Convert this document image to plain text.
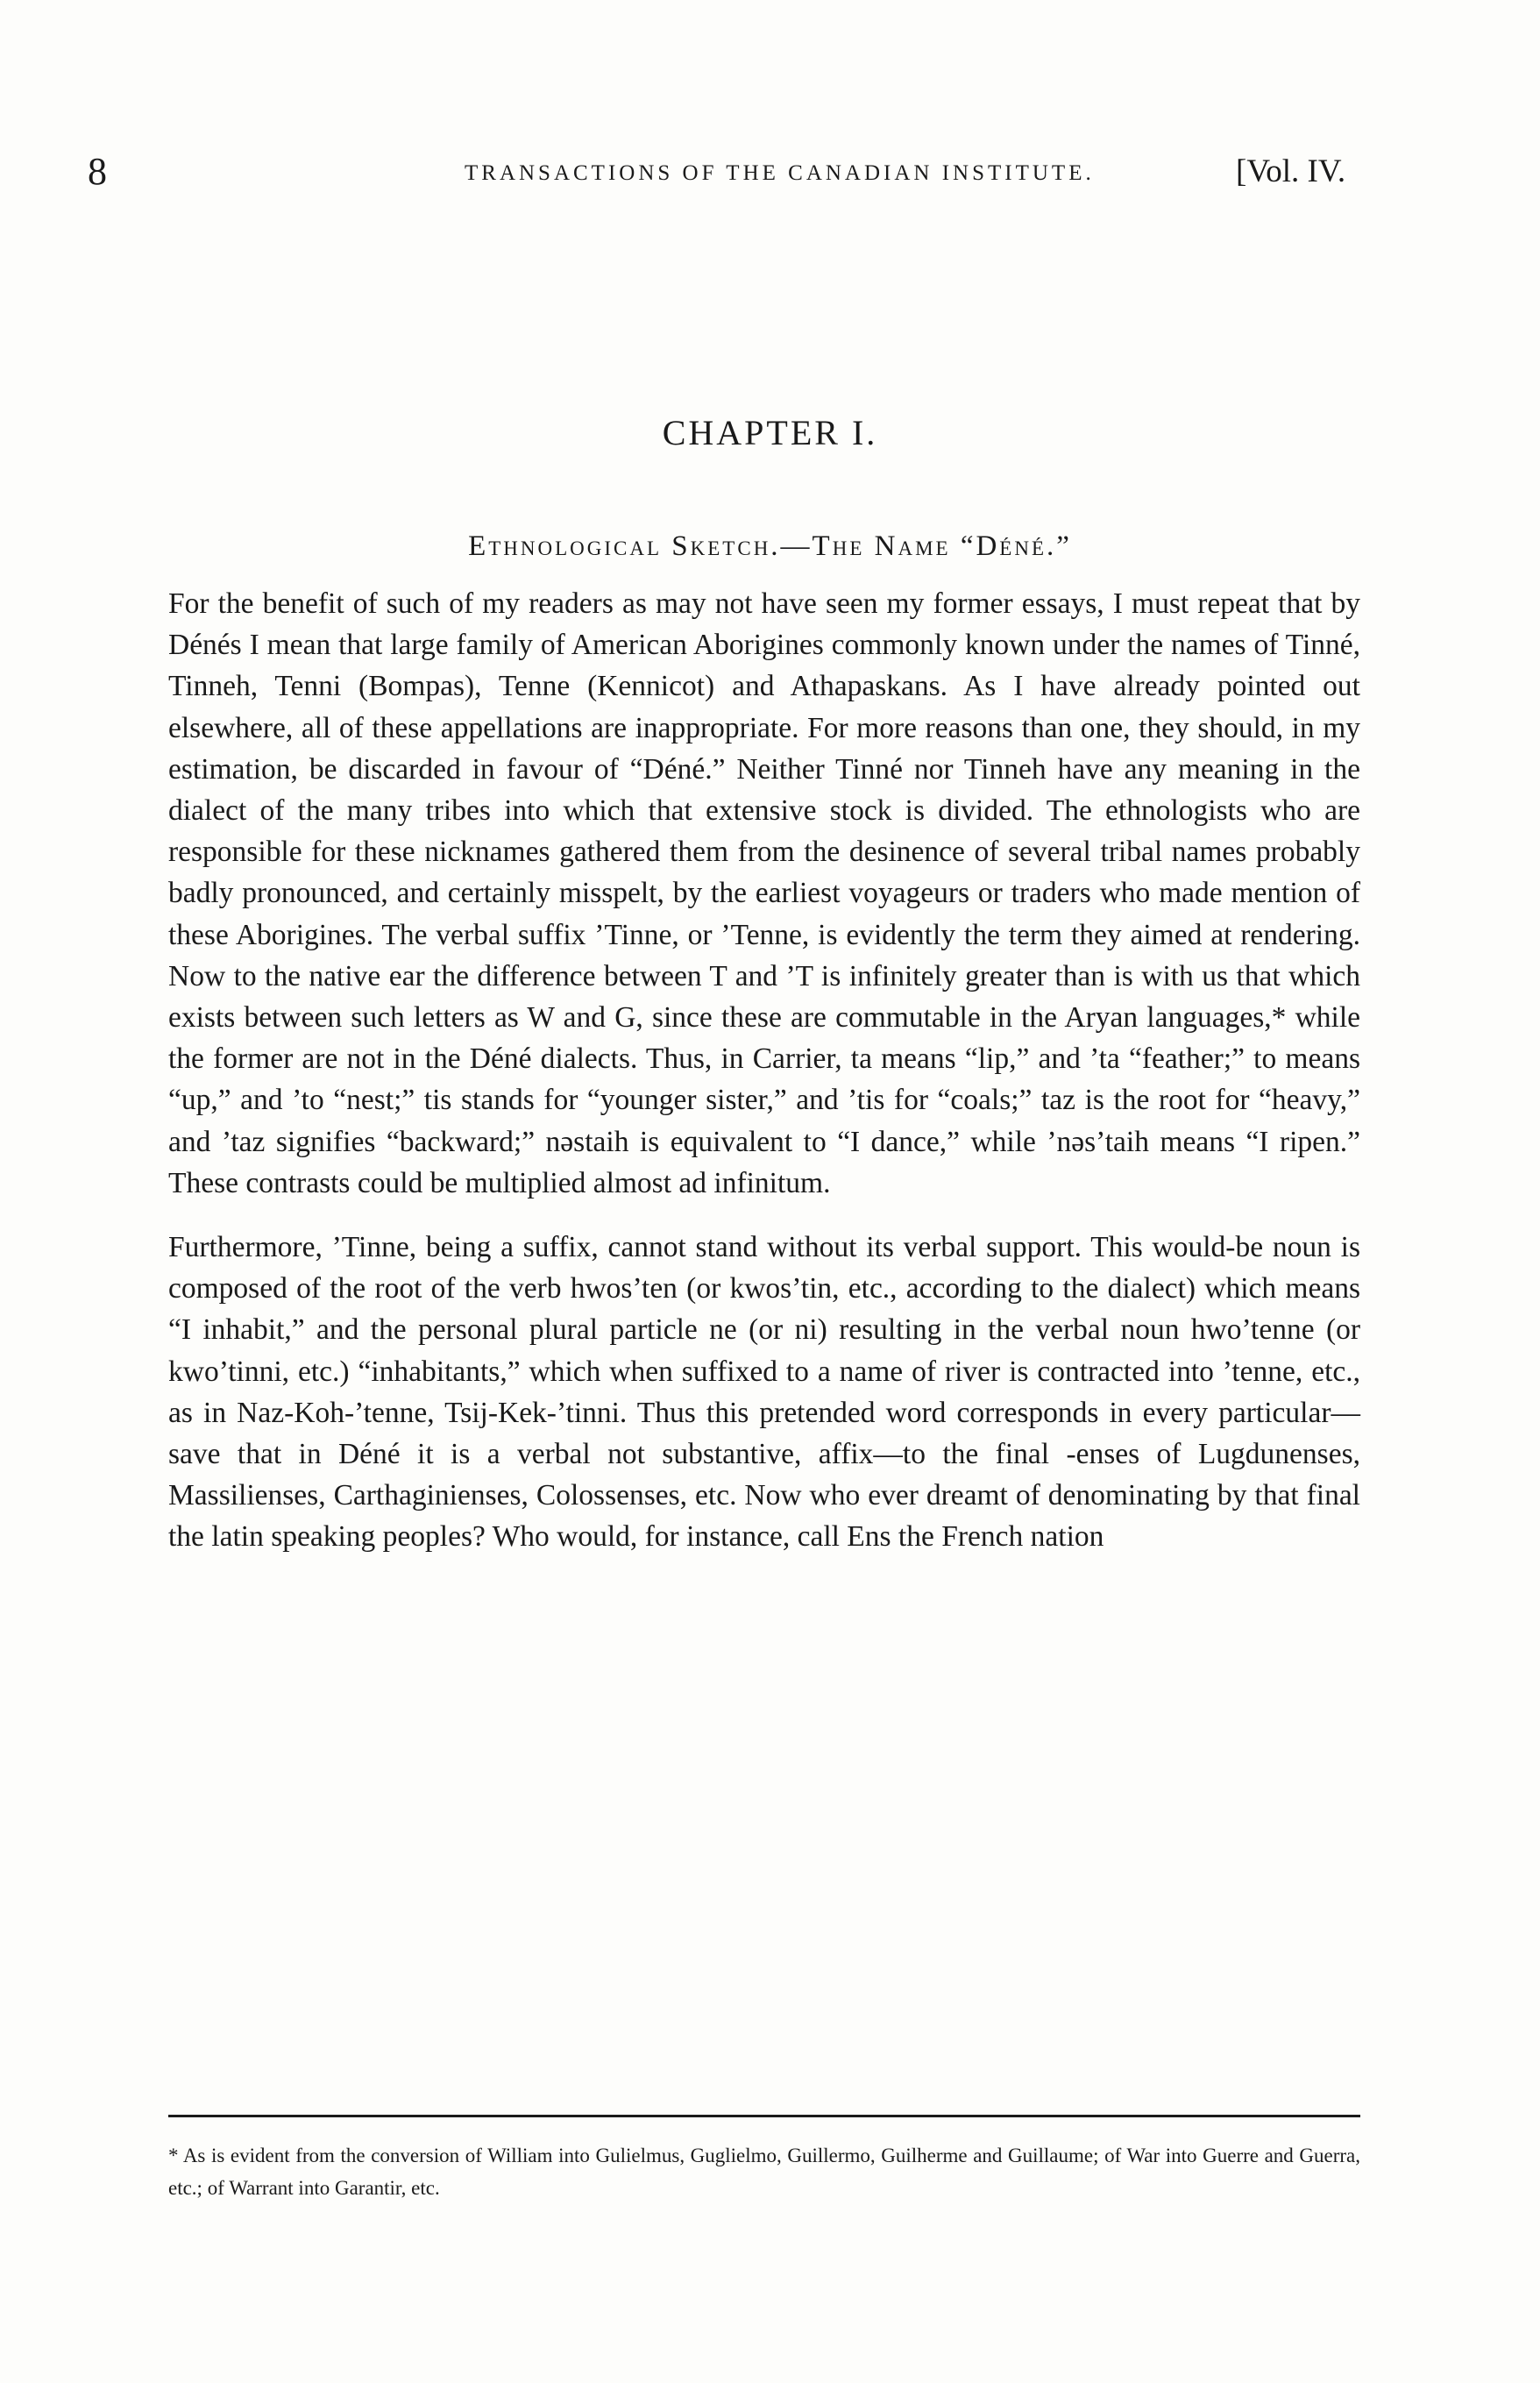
8	TRANSACTIONS OF THE CANADIAN INSTITUTE.	[Vol. IV.
CHAPTER I.
Ethnological Sketch.—The Name “Déné.”

For the benefit of such of my readers as may not have seen my former essays, I must repeat that by Dénés I mean that large family of American Aborigines commonly known under the names of Tinné, Tinneh, Tenni (Bompas), Tenne (Kennicot) and Athapaskans. As I have already pointed out elsewhere, all of these appellations are inappropriate. For more reasons than one, they should, in my estimation, be discarded in favour of “Déné.” Neither Tinné nor Tinneh have any meaning in the dialect of the many tribes into which that extensive stock is divided. The ethnologists who are responsible for these nicknames gathered them from the desinence of several tribal names probably badly pronounced, and certainly misspelt, by the earliest voyageurs or traders who made mention of these Aborigines. The verbal suffix ’Tinne, or ’Tenne, is evidently the term they aimed at rendering. Now to the native ear the difference between T and ’T is infinitely greater than is with us that which exists between such letters as W and G, since these are commutable in the Aryan languages,* while the former are not in the Déné dialects. Thus, in Carrier, ta means “lip,” and ’ta “feather;” to means “up,” and ’to “nest;” tis stands for “younger sister,” and ’tis for “coals;” taz is the root for “heavy,” and ’taz signifies “backward;” nəstaih is equivalent to “I dance,” while ’nəs’taih means “I ripen.” These contrasts could be multiplied almost ad infinitum.

Furthermore, ’Tinne, being a suffix, cannot stand without its verbal support. This would-be noun is composed of the root of the verb hwos’ten (or kwos’tin, etc., according to the dialect) which means “I inhabit,” and the personal plural particle ne (or ni) resulting in the verbal noun hwo’tenne (or kwo’tinni, etc.) “inhabitants,” which when suffixed to a name of river is contracted into ’tenne, etc., as in Naz-Koh-’tenne, Tsij-Kek-’tinni. Thus this pretended word corresponds in every particular—save that in Déné it is a verbal not substantive, affix—to the final -enses of Lugdunenses, Massilienses, Carthaginienses, Colossenses, etc. Now who ever dreamt of denominating by that final the latin speaking peoples? Who would, for instance, call Ens the French nation

* As is evident from the conversion of William into Gulielmus, Guglielmo, Guillermo, Guilherme and Guillaume; of War into Guerre and Guerra, etc.; of Warrant into Garantir, etc.
